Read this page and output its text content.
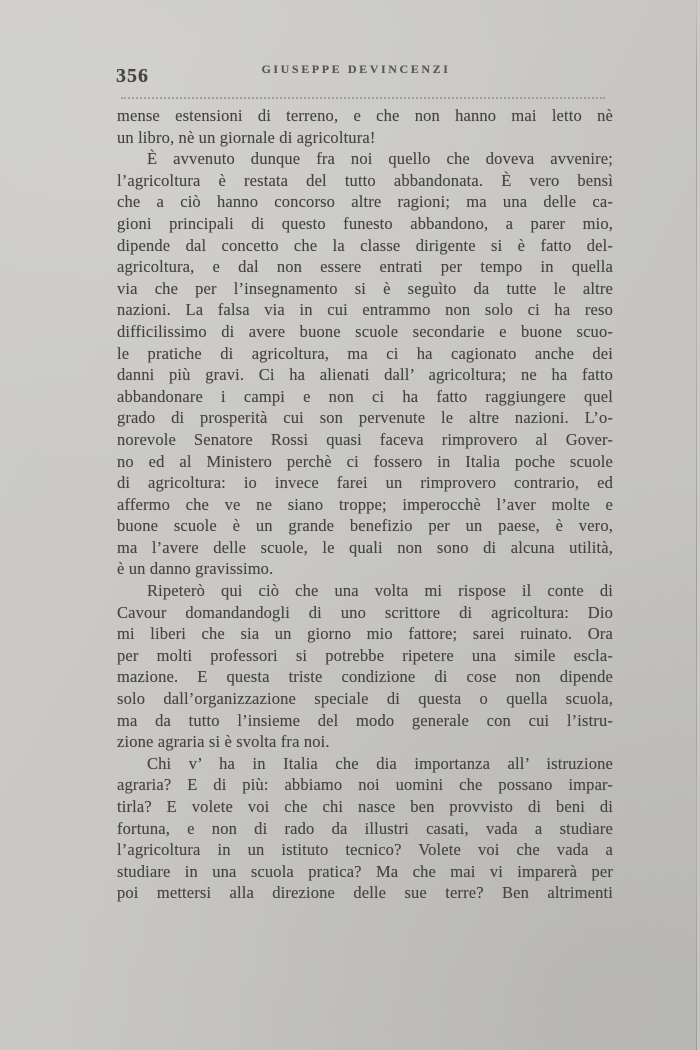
356	GIUSEPPE DEVINCENZI
mense estensioni di terreno, e che non hanno mai letto nè
un libro, nè un giornale di agricoltura!
È avvenuto dunque fra noi quello che doveva avvenire;
l’agricoltura è restata del tutto abbandonata. È vero bensì
che a ciò hanno concorso altre ragioni; ma una delle ca-
gioni principali di questo funesto abbandono, a parer mio,
dipende dal concetto che la classe dirigente si è fatto del-
agricoltura, e dal non essere entrati per tempo in quella
via che per l’insegnamento si è seguìto da tutte le altre
nazioni. La falsa via in cui entrammo non solo ci ha reso
difficilissimo di avere buone scuole secondarie e buone scuo-
le pratiche di agricoltura, ma ci ha cagionato anche dei
danni più gravi. Ci ha alienati dall’ agricoltura; ne ha fatto
abbandonare i campi e non ci ha fatto raggiungere quel
grado di prosperità cui son pervenute le altre nazioni. L’o-
norevole Senatore Rossi quasi faceva rimprovero al Gover-
no ed al Ministero perchè ci fossero in Italia poche scuole
di agricoltura: io invece farei un rimprovero contrario, ed
affermo che ve ne siano troppe; imperocchè l’aver molte e
buone scuole è un grande benefizio per un paese, è vero,
ma l’avere delle scuole, le quali non sono di alcuna utilità,
è un danno gravissimo.
Ripeterò qui ciò che una volta mi rispose il conte di
Cavour domandandogli di uno scrittore di agricoltura: Dio
mi liberi che sia un giorno mio fattore; sarei ruinato. Ora
per molti professori si potrebbe ripetere una simile escla-
mazione. E questa triste condizione di cose non dipende
solo dall’organizzazione speciale di questa o quella scuola,
ma da tutto l’insieme del modo generale con cui l’istru-
zione agraria si è svolta fra noi.
Chi v’ ha in Italia che dia importanza all’ istruzione
agraria? E di più: abbiamo noi uomini che possano impar-
tirla? E volete voi che chi nasce ben provvisto di beni di
fortuna, e non di rado da illustri casati, vada a studiare
l’agricoltura in un istituto tecnico? Volete voi che vada a
studiare in una scuola pratica? Ma che mai vi imparerà per
poi mettersi alla direzione delle sue terre? Ben altrimenti
